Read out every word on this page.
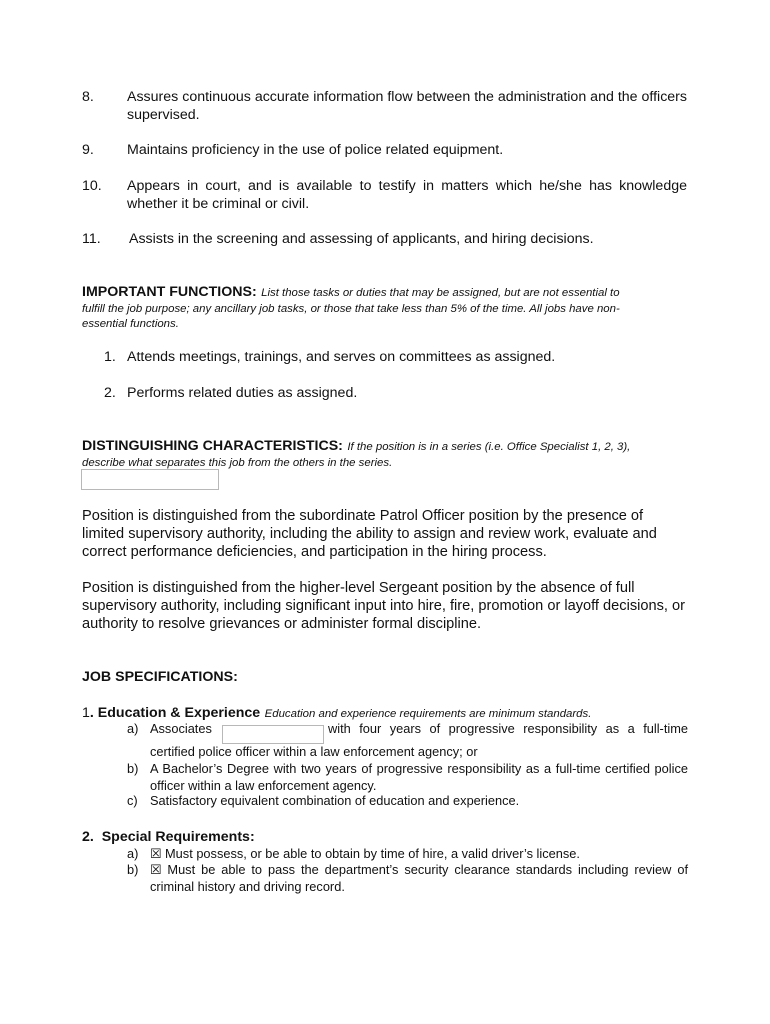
8. Assures continuous accurate information flow between the administration and the officers supervised.
9. Maintains proficiency in the use of police related equipment.
10. Appears in court, and is available to testify in matters which he/she has knowledge whether it be criminal or civil.
11. Assists in the screening and assessing of applicants, and hiring decisions.
IMPORTANT FUNCTIONS: List those tasks or duties that may be assigned, but are not essential to
fulfill the job purpose; any ancillary job tasks, or those that take less than 5% of the time. All jobs have non-
essential functions.
1. Attends meetings, trainings, and serves on committees as assigned.
2. Performs related duties as assigned.
DISTINGUISHING CHARACTERISTICS: If the position is in a series (i.e. Office Specialist 1, 2, 3),
describe what separates this job from the others in the series.
Position is distinguished from the subordinate Patrol Officer position by the presence of limited supervisory authority, including the ability to assign and review work, evaluate and correct performance deficiencies, and participation in the hiring process.
Position is distinguished from the higher-level Sergeant position by the absence of full supervisory authority, including significant input into hire, fire, promotion or layoff decisions, or authority to resolve grievances or administer formal discipline.
JOB SPECIFICATIONS:
1. Education & Experience Education and experience requirements are minimum standards.
a) Associates	with four years of progressive responsibility as a full-time
certified police officer within a law enforcement agency; or
b) A Bachelor’s Degree with two years of progressive responsibility as a full-time certified police officer within a law enforcement agency.
c) Satisfactory equivalent combination of education and experience.
2.  Special Requirements:
a) ☒ Must possess, or be able to obtain by time of hire, a valid driver’s license.
b) ☒ Must be able to pass the department’s security clearance standards including review of criminal history and driving record.
